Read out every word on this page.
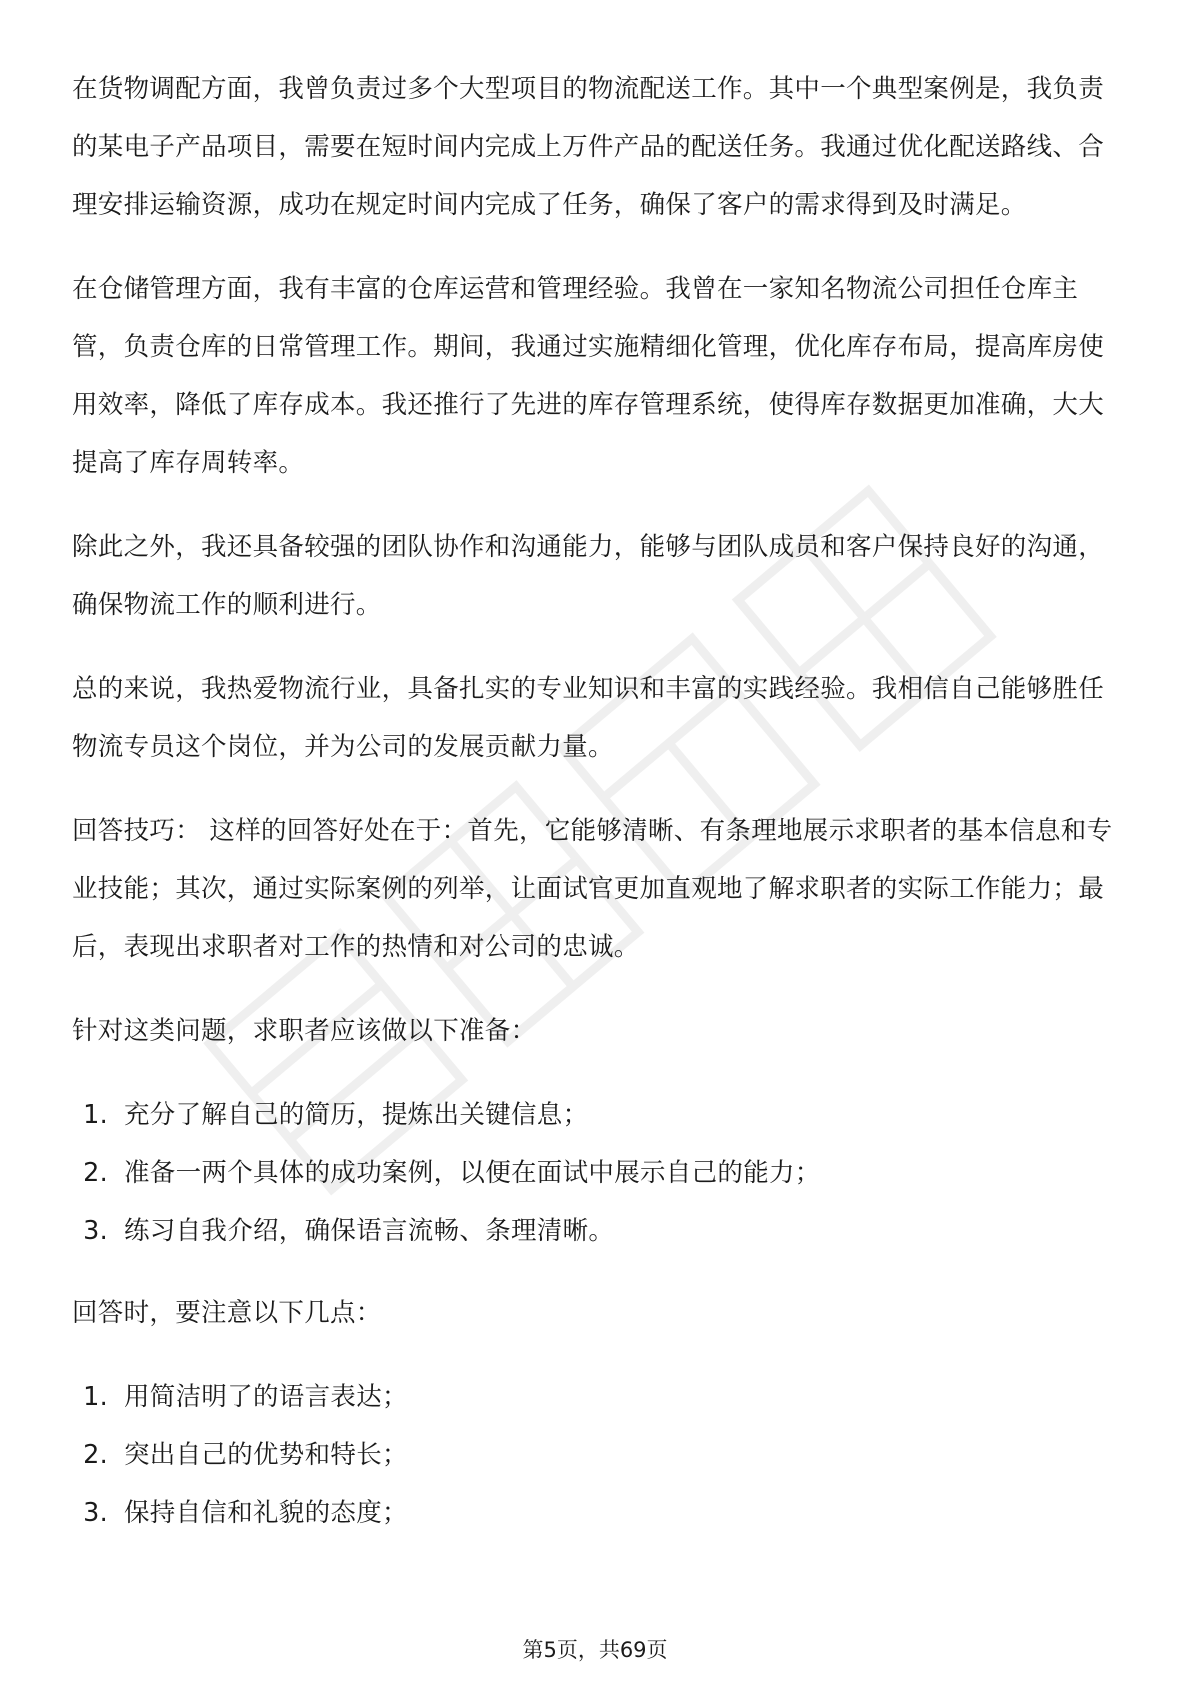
在货物调配方面，我曾负责过多个大型项目的物流配送工作。其中一个典型案例是，我负责的某电子产品项目，需要在短时间内完成上万件产品的配送任务。我通过优化配送路线、合理安排运输资源，成功在规定时间内完成了任务，确保了客户的需求得到及时满足。

在仓储管理方面，我有丰富的仓库运营和管理经验。我曾在一家知名物流公司担任仓库主管，负责仓库的日常管理工作。期间，我通过实施精细化管理，优化库存布局，提高库房使用效率，降低了库存成本。我还推行了先进的库存管理系统，使得库存数据更加准确，大大提高了库存周转率。

除此之外，我还具备较强的团队协作和沟通能力，能够与团队成员和客户保持良好的沟通，确保物流工作的顺利进行。

总的来说，我热爱物流行业，具备扎实的专业知识和丰富的实践经验。我相信自己能够胜任物流专员这个岗位，并为公司的发展贡献力量。

回答技巧： 这样的回答好处在于：首先，它能够清晰、有条理地展示求职者的基本信息和专业技能；其次，通过实际案例的列举，让面试官更加直观地了解求职者的实际工作能力；最后，表现出求职者对工作的热情和对公司的忠诚。

针对这类问题，求职者应该做以下准备：

1. 充分了解自己的简历，提炼出关键信息；
2. 准备一两个具体的成功案例，以便在面试中展示自己的能力；
3. 练习自我介绍，确保语言流畅、条理清晰。

回答时，要注意以下几点：

1. 用简洁明了的语言表达；
2. 突出自己的优势和特长；
3. 保持自信和礼貌的态度；
第5页，共69页
